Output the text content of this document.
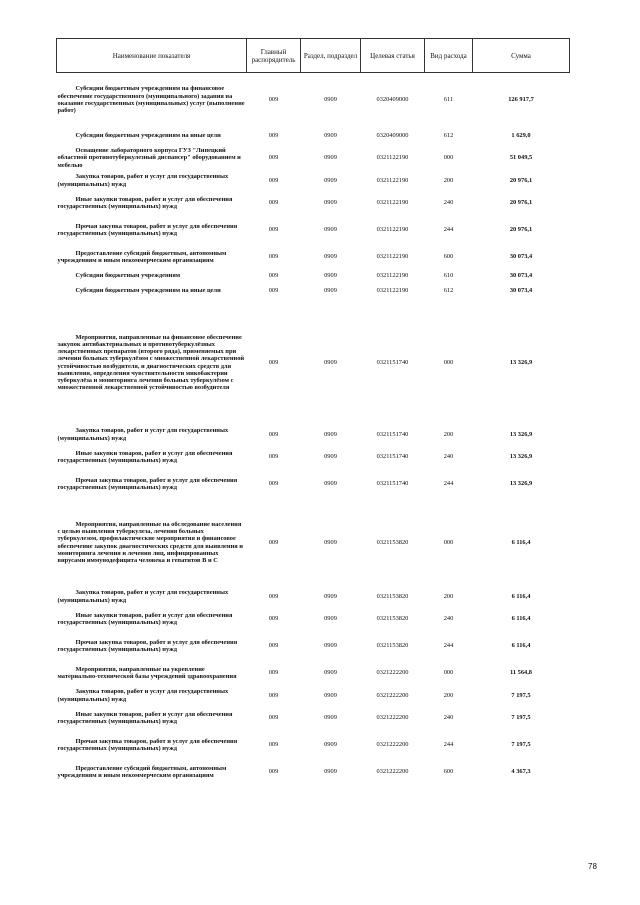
Наименование показателя	Главный распорядитель	Раздел, подраздел	Целевая статья	Вид расхода	Сумма
Субсидии бюджетным учреждениям на финансовое обеспечение государственного (муниципального) задания на оказание государственных (муниципальных) услуг (выполнение работ)	009	0909	0320409000	611	126 917,7
Субсидии бюджетным учреждениям на иные цели	009	0909	0320409000	612	1 629,0
Оснащение лабораторного корпуса ГУЗ "Липецкий областной противотуберкулезный диспансер" оборудованием и мебелью	009	0909	0321122190	000	51 049,5
Закупка товаров, работ и услуг для государственных (муниципальных) нужд	009	0909	0321122190	200	20 976,1
Иные закупки товаров, работ и услуг для обеспечения государственных (муниципальных) нужд	009	0909	0321122190	240	20 976,1
Прочая закупка товаров, работ и услуг для обеспечения государственных (муниципальных) нужд	009	0909	0321122190	244	20 976,1
Предоставление субсидий бюджетным, автономным учреждениям и иным некоммерческим организациям	009	0909	0321122190	600	30 073,4
Субсидии бюджетным учреждениям	009	0909	0321122190	610	30 073,4
Субсидии бюджетным учреждениям на иные цели	009	0909	0321122190	612	30 073,4
Мероприятия, направленные на финансовое обеспечение закупок антибактериальных и противотуберкулёзных лекарственных препаратов (второго ряда), применяемых при лечении больных туберкулёзом с множественной лекарственной устойчивостью возбудителя, и диагностических средств для выявления, определения чувствительности микобактерии туберкулёза и мониторинга лечения больных туберкулёзом с множественной лекарственной устойчивостью возбудителя	009	0909	0321151740	000	13 326,9
Закупка товаров, работ и услуг для государственных (муниципальных) нужд	009	0909	0321151740	200	13 326,9
Иные закупки товаров, работ и услуг для обеспечения государственных (муниципальных) нужд	009	0909	0321151740	240	13 326,9
Прочая закупка товаров, работ и услуг для обеспечения государственных (муниципальных) нужд	009	0909	0321151740	244	13 326,9
Мероприятия, направленные на обследование населения с целью выявления туберкулеза, лечения больных туберкулезом, профилактические мероприятия и финансовое обеспечение закупок диагностических средств для выявления и мониторинга лечения и лечения лиц, инфицированных вирусами иммунодефицита человека и гепатитов В и С	009	0909	0321153820	000	6 116,4
Закупка товаров, работ и услуг для государственных (муниципальных) нужд	009	0909	0321153820	200	6 116,4
Иные закупки товаров, работ и услуг для обеспечения государственных (муниципальных) нужд	009	0909	0321153820	240	6 116,4
Прочая закупка товаров, работ и услуг для обеспечения государственных (муниципальных) нужд	009	0909	0321153820	244	6 116,4
Мероприятия, направленные на укрепление материально-технической базы учреждений здравоохранения	009	0909	0321222200	000	11 564,8
Закупка товаров, работ и услуг для государственных (муниципальных) нужд	009	0909	0321222200	200	7 197,5
Иные закупки товаров, работ и услуг для обеспечения государственных (муниципальных) нужд	009	0909	0321222200	240	7 197,5
Прочая закупка товаров, работ и услуг для обеспечения государственных (муниципальных) нужд	009	0909	0321222200	244	7 197,5
Предоставление субсидий бюджетным, автономным учреждениям и иным некоммерческим организациям	009	0909	0321222200	600	4 367,3
78
